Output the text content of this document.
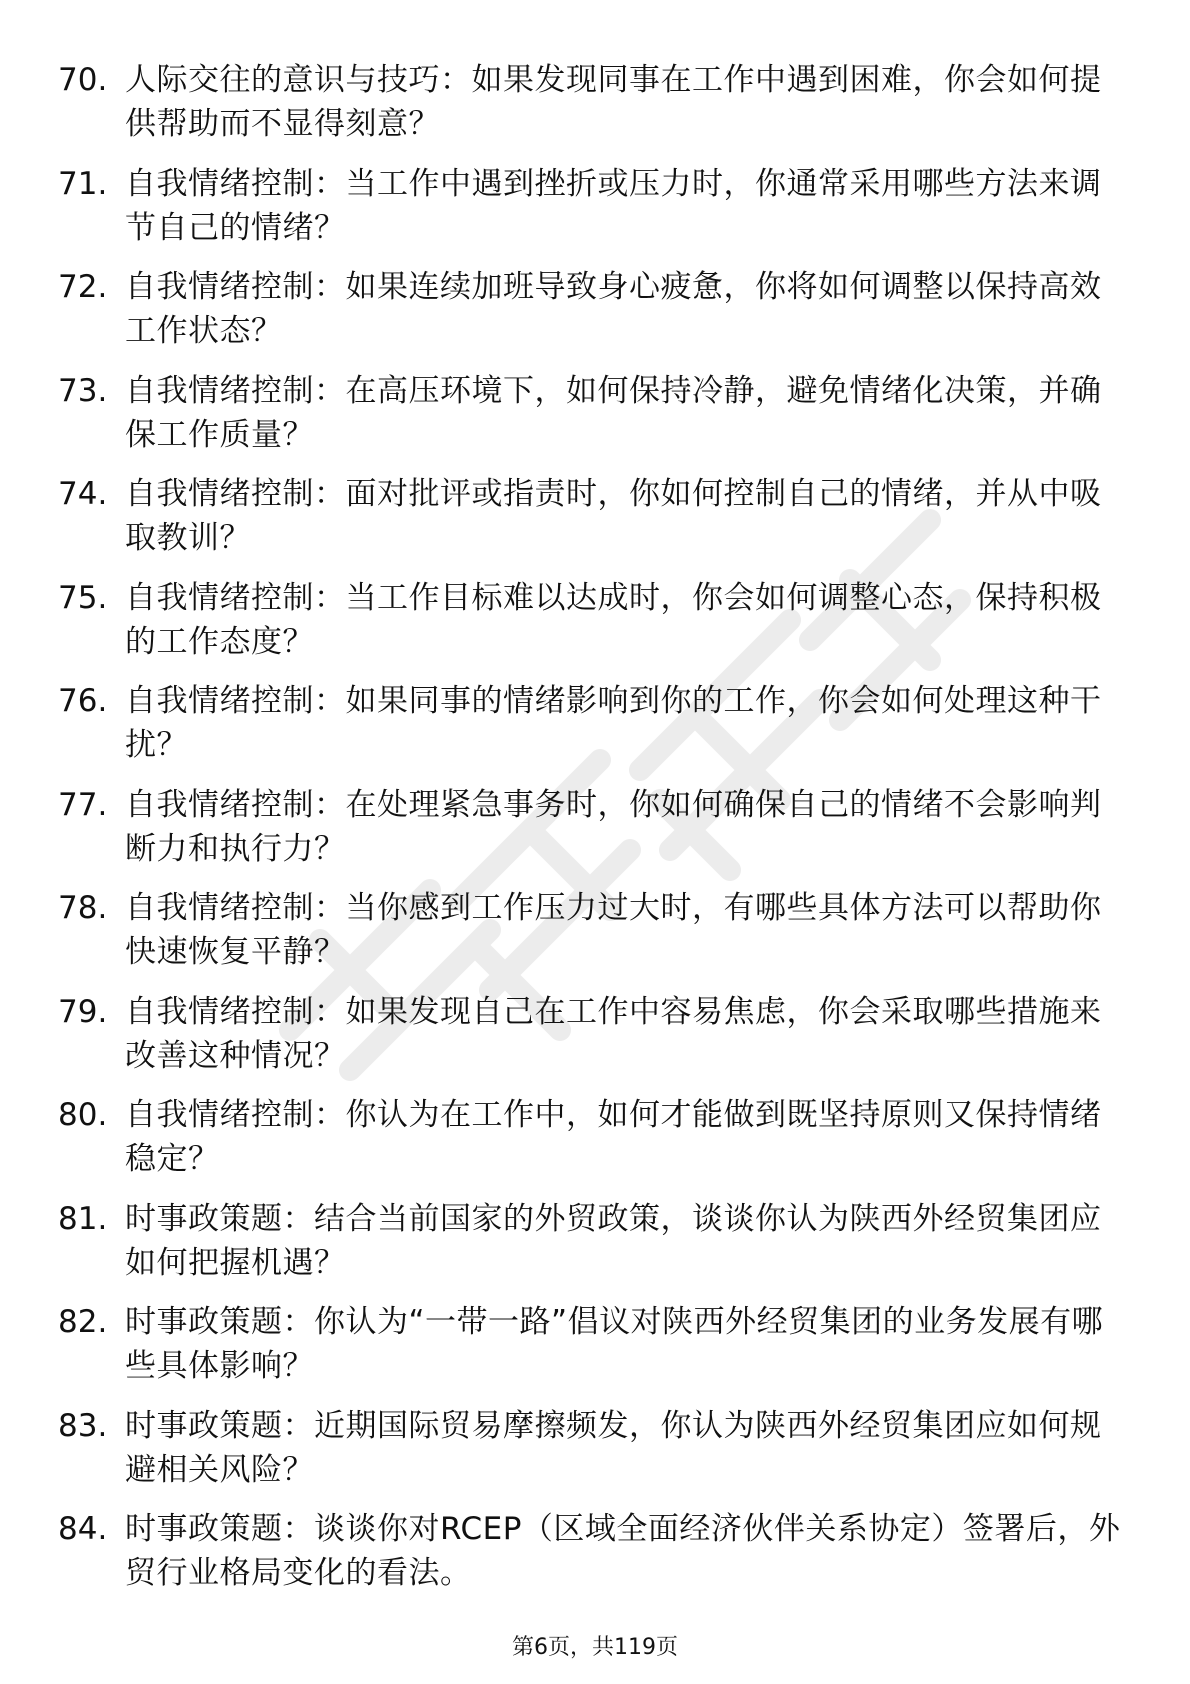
70. 人际交往的意识与技巧：如果发现同事在工作中遇到困难，你会如何提供帮助而不显得刻意？
71. 自我情绪控制：当工作中遇到挫折或压力时，你通常采用哪些方法来调节自己的情绪？
72. 自我情绪控制：如果连续加班导致身心疲惫，你将如何调整以保持高效工作状态？
73. 自我情绪控制：在高压环境下，如何保持冷静，避免情绪化决策，并确保工作质量？
74. 自我情绪控制：面对批评或指责时，你如何控制自己的情绪，并从中吸取教训？
75. 自我情绪控制：当工作目标难以达成时，你会如何调整心态，保持积极的工作态度？
76. 自我情绪控制：如果同事的情绪影响到你的工作，你会如何处理这种干扰？
77. 自我情绪控制：在处理紧急事务时，你如何确保自己的情绪不会影响判断力和执行力？
78. 自我情绪控制：当你感到工作压力过大时，有哪些具体方法可以帮助你快速恢复平静？
79. 自我情绪控制：如果发现自己在工作中容易焦虑，你会采取哪些措施来改善这种情况？
80. 自我情绪控制：你认为在工作中，如何才能做到既坚持原则又保持情绪稳定？
81. 时事政策题：结合当前国家的外贸政策，谈谈你认为陕西外经贸集团应如何把握机遇？
82. 时事政策题：你认为“一带一路”倡议对陕西外经贸集团的业务发展有哪些具体影响？
83. 时事政策题：近期国际贸易摩擦频发，你认为陕西外经贸集团应如何规避相关风险？
84. 时事政策题：谈谈你对RCEP（区域全面经济伙伴关系协定）签署后，外贸行业格局变化的看法。
第6页，共119页
